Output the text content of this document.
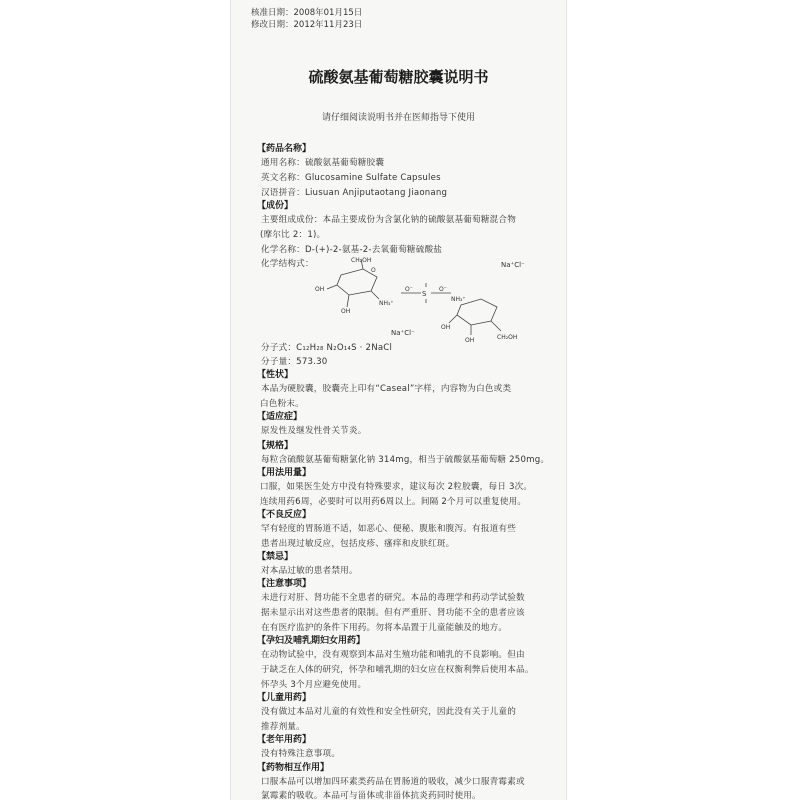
核准日期：2008年01月15日
修改日期：2012年11月23日
硫酸氨基葡萄糖胶囊说明书
请仔细阅读说明书并在医师指导下使用
【药品名称】
通用名称：硫酸氨基葡萄糖胶囊
英文名称：Glucosamine Sulfate Capsules
汉语拼音：Liusuan Anjiputaotang Jiaonang
【成份】
主要组成成份：本品主要成份为含氯化钠的硫酸氨基葡萄糖混合物
(摩尔比 2：1)。
化学名称：D-(+)-2-氨基-2-去氧葡萄糖硫酸盐
化学结构式：	CH₂OH
O
OH
OH
NH₃⁺
O⁻
S
O⁻
NH₃⁺
OH
OH	CH₂OH
Na⁺Cl⁻
Na⁺Cl⁻
分子式：C₁₂H₂₈ N₂O₁₄S · 2NaCl
分子量：573.30
【性状】
本品为硬胶囊，胶囊壳上印有“Caseal”字样，内容物为白色或类
白色粉末。
【适应症】
原发性及继发性骨关节炎。
【规格】
每粒含硫酸氨基葡萄糖氯化钠 314mg，相当于硫酸氨基葡萄糖 250mg。
【用法用量】
口服，如果医生处方中没有特殊要求，建议每次 2粒胶囊，每日 3次。
连续用药6周，必要时可以用药6周以上。间隔 2个月可以重复使用。
【不良反应】
罕有轻度的胃肠道不适，如恶心、便秘、腹胀和腹泻。有报道有些
患者出现过敏反应，包括皮疹、瘙痒和皮肤红斑。
【禁忌】
对本品过敏的患者禁用。
【注意事项】
未进行对肝、肾功能不全患者的研究。本品的毒理学和药动学试验数
据未显示出对这些患者的限制。但有严重肝、肾功能不全的患者应该
在有医疗监护的条件下用药。勿将本品置于儿童能触及的地方。
【孕妇及哺乳期妇女用药】
在动物试验中，没有观察到本品对生殖功能和哺乳的不良影响。但由
于缺乏在人体的研究，怀孕和哺乳期的妇女应在权衡利弊后使用本品。
怀孕头 3个月应避免使用。
【儿童用药】
没有做过本品对儿童的有效性和安全性研究，因此没有关于儿童的
推荐剂量。
【老年用药】
没有特殊注意事项。
【药物相互作用】
口服本品可以增加四环素类药品在胃肠道的吸收，减少口服青霉素或
氯霉素的吸收。本品可与甾体或非甾体抗炎药同时使用。
